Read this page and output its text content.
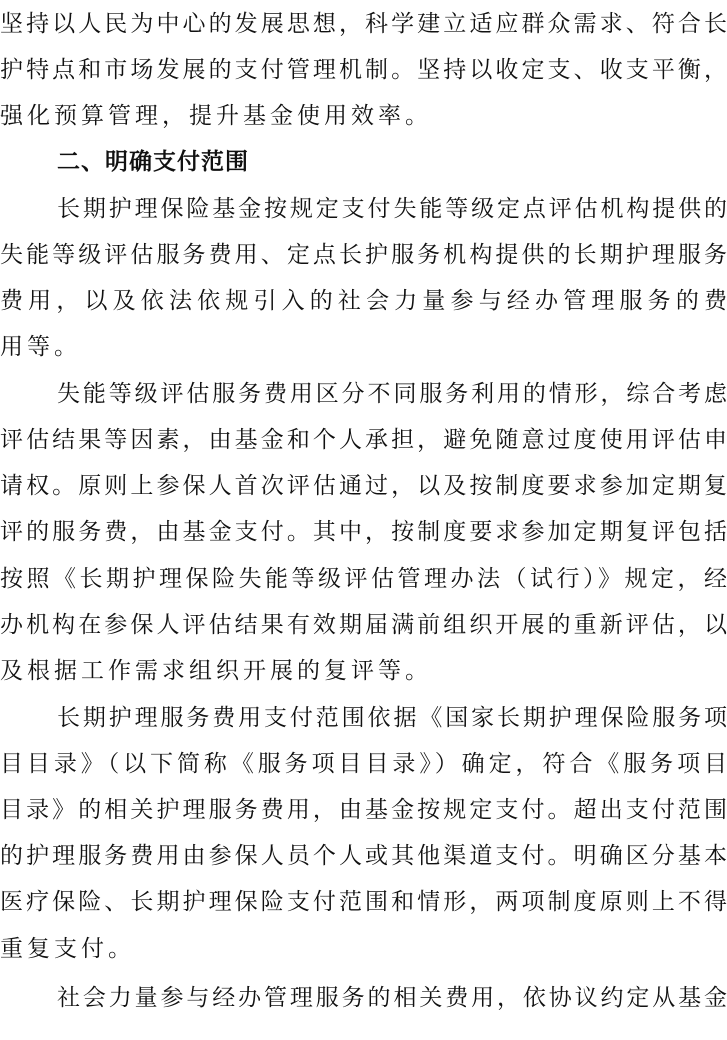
坚持以人民为中心的发展思想，科学建立适应群众需求、符合长
护特点和市场发展的支付管理机制。坚持以收定支、收支平衡，
强化预算管理，提升基金使用效率。
二、明确支付范围
长期护理保险基金按规定支付失能等级定点评估机构提供的
失能等级评估服务费用、定点长护服务机构提供的长期护理服务
费用，以及依法依规引入的社会力量参与经办管理服务的费
用等。
失能等级评估服务费用区分不同服务利用的情形，综合考虑
评估结果等因素，由基金和个人承担，避免随意过度使用评估申
请权。原则上参保人首次评估通过，以及按制度要求参加定期复
评的服务费，由基金支付。其中，按制度要求参加定期复评包括
按照《长期护理保险失能等级评估管理办法（试行）》规定，经
办机构在参保人评估结果有效期届满前组织开展的重新评估，以
及根据工作需求组织开展的复评等。
长期护理服务费用支付范围依据《国家长期护理保险服务项
目目录》（以下简称《服务项目目录》）确定，符合《服务项目
目录》的相关护理服务费用，由基金按规定支付。超出支付范围
的护理服务费用由参保人员个人或其他渠道支付。明确区分基本
医疗保险、长期护理保险支付范围和情形，两项制度原则上不得
重复支付。
社会力量参与经办管理服务的相关费用，依协议约定从基金
